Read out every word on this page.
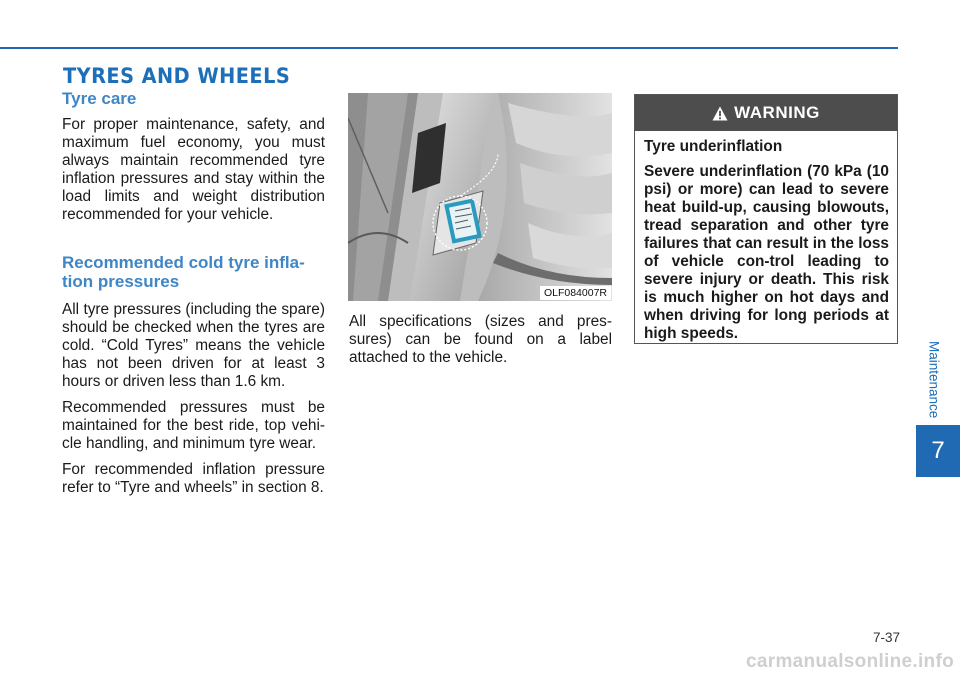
TYRES AND WHEELS
Tyre care

For proper maintenance, safety, and maximum fuel economy, you must always maintain recommended tyre inflation pressures and stay within the load limits and weight distribution recommended for your vehicle.

Recommended cold tyre infla-tion pressures

All tyre pressures (including the spare) should be checked when the tyres are cold. “Cold Tyres” means the vehicle has not been driven for at least 3 hours or driven less than 1.6 km.

Recommended pressures must be maintained for the best ride, top vehi-cle handling, and minimum tyre wear.

For recommended inflation pressure refer to “Tyre and wheels” in section 8.

OLF084007R

All specifications (sizes and pres-sures) can be found on a label attached to the vehicle.

WARNING

Tyre underinflation

Severe underinflation (70 kPa (10 psi) or more) can lead to severe heat build-up, causing blowouts, tread separation and other tyre failures that can result in the loss of vehicle con-trol leading to severe injury or death. This risk is much higher on hot days and when driving for long periods at high speeds.

Maintenance
7
7-37
carmanualsonline.info
